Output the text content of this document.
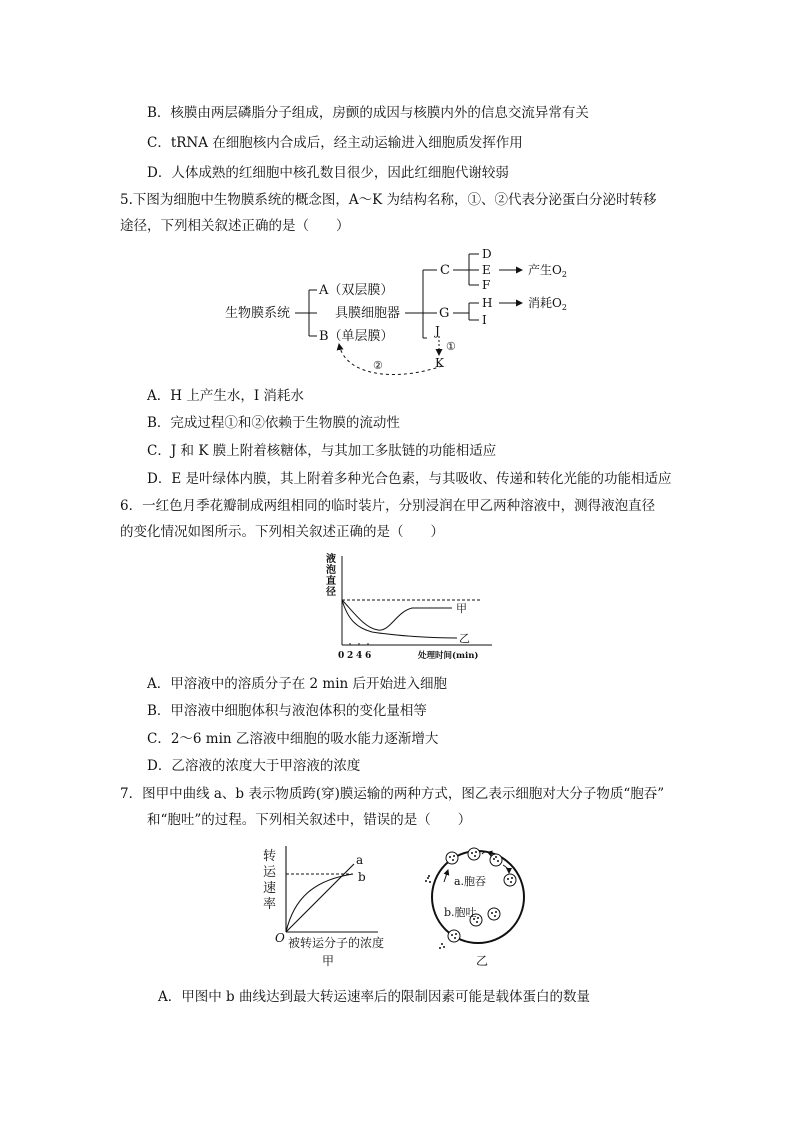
B．核膜由两层磷脂分子组成，房颤的成因与核膜内外的信息交流异常有关
C．tRNA 在细胞核内合成后，经主动运输进入细胞质发挥作用
D．人体成熟的红细胞中核孔数目很少，因此红细胞代谢较弱
5.下图为细胞中生物膜系统的概念图，A～K 为结构名称，①、②代表分泌蛋白分泌时转移
途径，下列相关叙述正确的是（　　）
生物膜系统
A（双层膜）
具膜细胞器
B（单层膜）
C
D
E
F
产生$O_2$
G
H
I
消耗$O_2$
J
①
K
②
A．H 上产生水，I 消耗水
B．完成过程①和②依赖于生物膜的流动性
C．J 和 K 膜上附着核糖体，与其加工多肽链的功能相适应
D．E 是叶绿体内膜，其上附着多种光合色素，与其吸收、传递和转化光能的功能相适应
6．一红色月季花瓣制成两组相同的临时装片，分别浸润在甲乙两种溶液中，测得液泡直径
的变化情况如图所示。下列相关叙述正确的是（　　）
液
泡
直
径
甲
乙
0 2 4 6	处理时间(min)
A．甲溶液中的溶质分子在 2 min 后开始进入细胞
B．甲溶液中细胞体积与液泡体积的变化量相等
C．2～6 min 乙溶液中细胞的吸水能力逐渐增大
D．乙溶液的浓度大于甲溶液的浓度
7．图甲中曲线 a、b 表示物质跨(穿)膜运输的两种方式，图乙表示细胞对大分子物质“胞吞”
和“胞吐”的过程。下列相关叙述中，错误的是（　　）
转
运
速
率
a
b
O 被转运分子的浓度
甲
a.胞吞
b.胞吐
乙
A．甲图中 b 曲线达到最大转运速率后的限制因素可能是载体蛋白的数量
